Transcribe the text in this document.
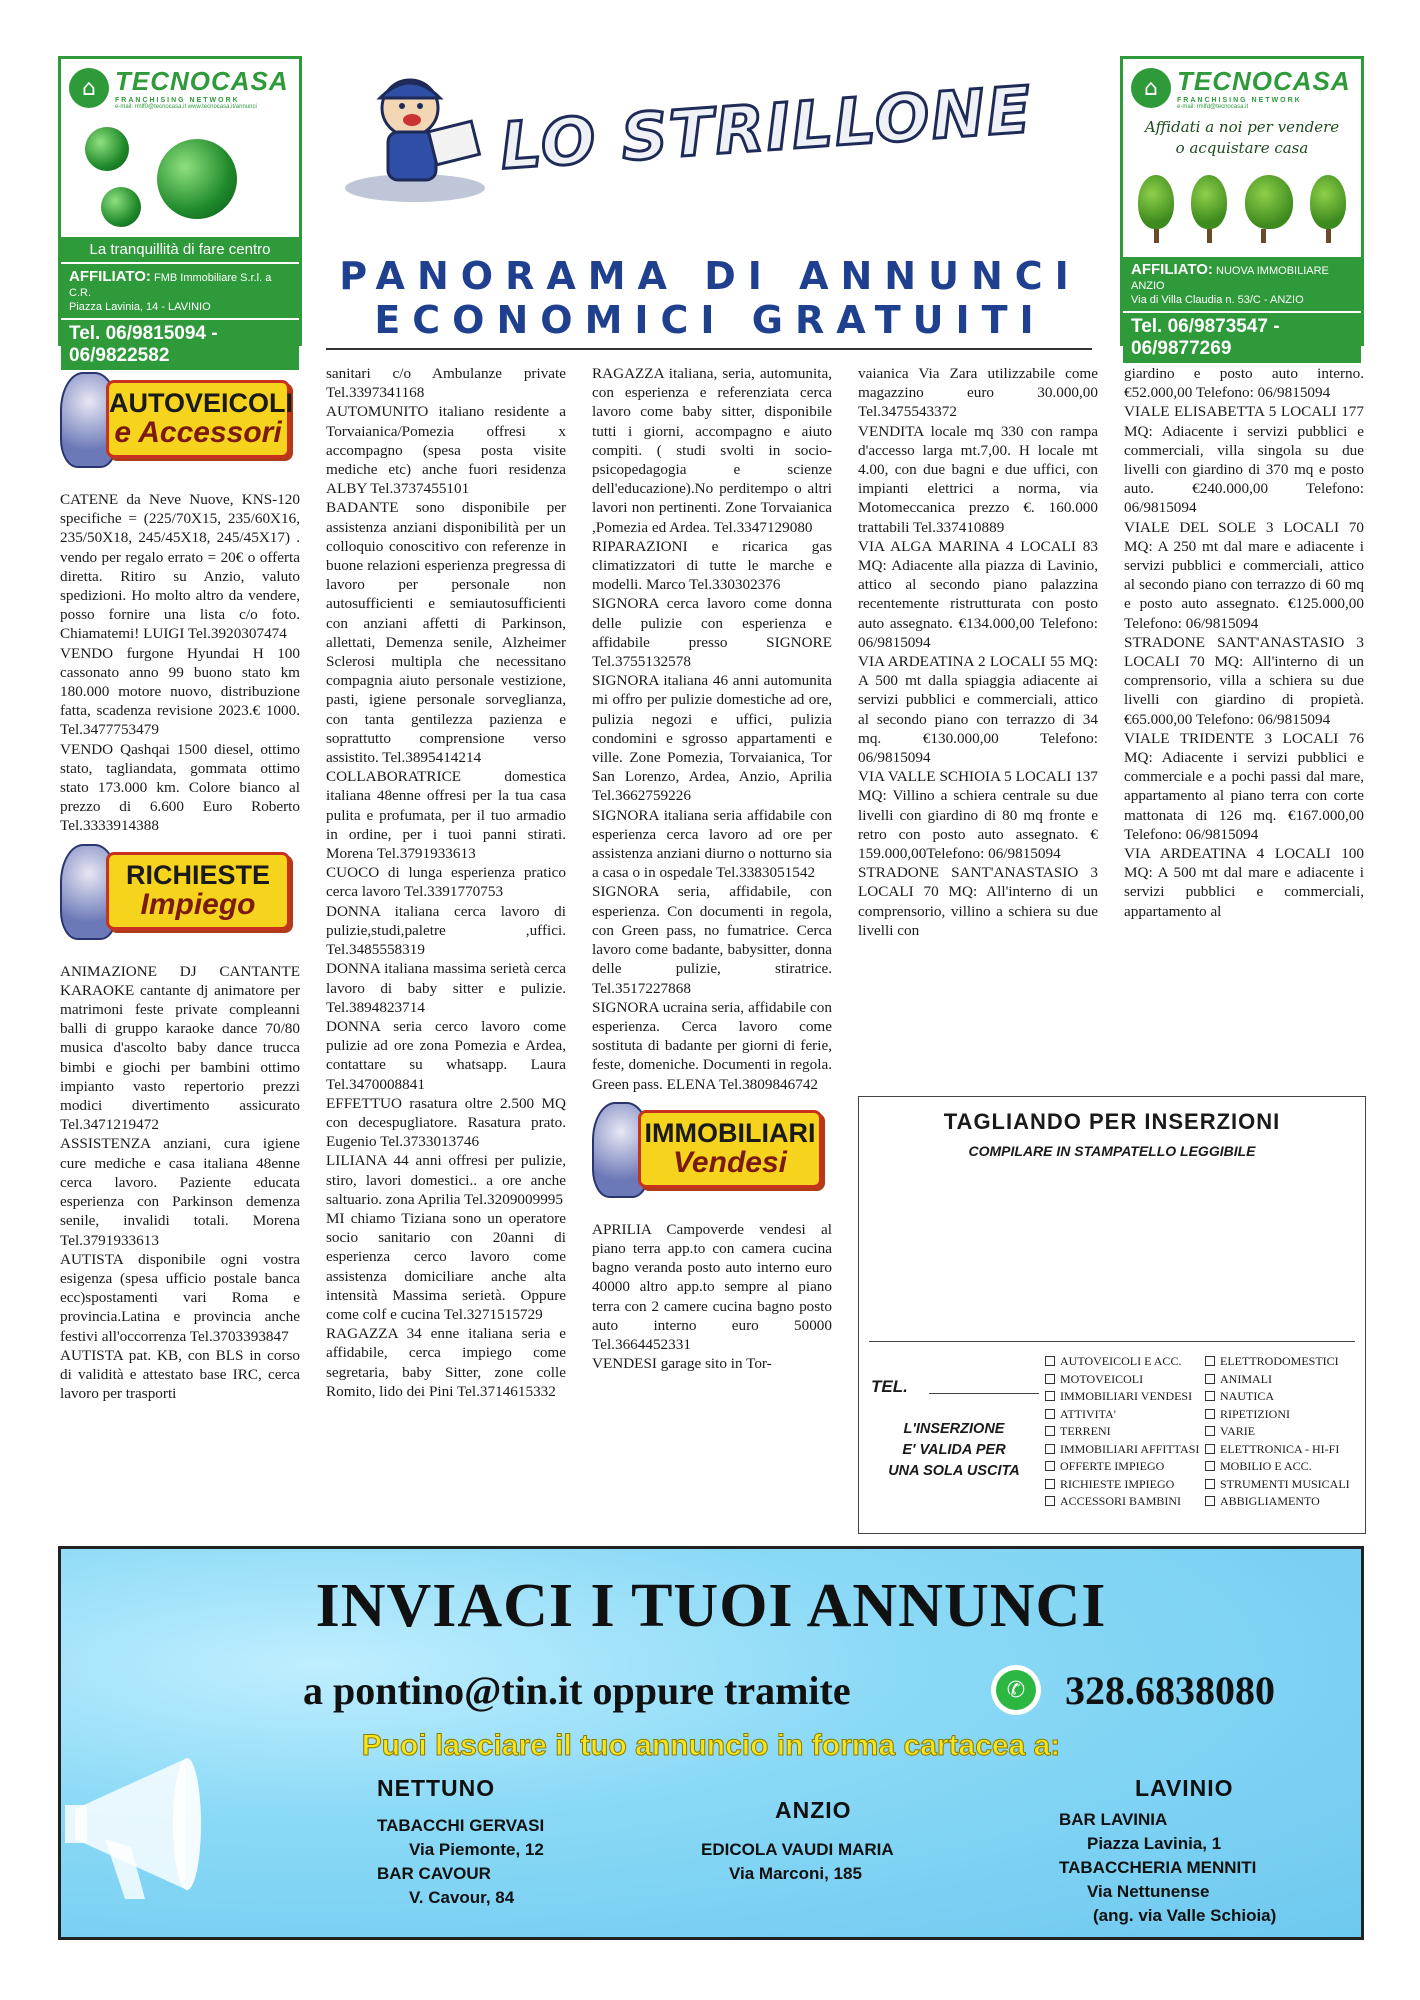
⌂ TECNOCASA
FRANCHISING NETWORK
e-mail: rmlf0@tecnocasa.it www.tecnocasa.it/annunci
La tranquillità di fare centro
AFFILIATO: FMB Immobiliare S.r.l. a C.R.
Piazza Lavinia, 14 - LAVINIO
Tel. 06/9815094 - 06/9822582
LO STRILLONE
PANORAMA DI ANNUNCI
ECONOMICI GRATUITI
⌂ TECNOCASA
FRANCHISING NETWORK
e-mail: rmlfd@tecnocasa.it
Affidati a noi per vendere
o acquistare casa
AFFILIATO: NUOVA IMMOBILIARE ANZIO
Via di Villa Claudia n. 53/C - ANZIO
Tel. 06/9873547 - 06/9877269
AUTOVEICOLI
e Accessori

CATENE da Neve Nuove, KNS-120 specifiche = (225/70X15, 235/60X16, 235/50X18, 245/45X18, 245/45X17) . vendo per regalo errato = 20€ o offerta diretta. Ritiro su Anzio, valuto spedizioni. Ho molto altro da vendere, posso fornire una lista c/o foto. Chiamatemi! LUIGI Tel.3920307474

VENDO furgone Hyundai H 100 cassonato anno 99 buono stato km 180.000 motore nuovo, distribuzione fatta, scadenza revisione 2023.€ 1000. Tel.3477753479

VENDO Qashqai 1500 diesel, ottimo stato, tagliandata, gommata ottimo stato 173.000 km. Colore bianco al prezzo di 6.600 Euro Roberto Tel.3333914388

RICHIESTE
Impiego

ANIMAZIONE DJ CANTANTE KARAOKE cantante dj animatore per matrimoni feste private compleanni balli di gruppo karaoke dance 70/80 musica d'ascolto baby dance trucca bimbi e giochi per bambini ottimo impianto vasto repertorio prezzi modici divertimento assicurato Tel.3471219472

ASSISTENZA anziani, cura igiene cure mediche e casa italiana 48enne cerca lavoro. Paziente educata esperienza con Parkinson demenza senile, invalidi totali. Morena Tel.3791933613

AUTISTA disponibile ogni vostra esigenza (spesa ufficio postale banca ecc)spostamenti vari Roma e provincia.Latina e provincia anche festivi all'occorrenza Tel.3703393847

AUTISTA pat. KB, con BLS in corso di validità e attestato base IRC, cerca lavoro per trasporti

sanitari c/o Ambulanze private Tel.3397341168

AUTOMUNITO italiano residente a Torvaianica/Pomezia offresi x accompagno (spesa posta visite mediche etc) anche fuori residenza ALBY Tel.3737455101

BADANTE sono disponibile per assistenza anziani disponibilità per un colloquio conoscitivo con referenze in buone relazioni esperienza pregressa di lavoro per personale non autosufficienti e semiautosufficienti con anziani affetti di Parkinson, allettati, Demenza senile, Alzheimer Sclerosi multipla che necessitano compagnia aiuto personale vestizione, pasti, igiene personale sorveglianza, con tanta gentilezza pazienza e soprattutto comprensione verso assistito. Tel.3895414214

COLLABORATRICE domestica italiana 48enne offresi per la tua casa pulita e profumata, per il tuo armadio in ordine, per i tuoi panni stirati. Morena Tel.3791933613

CUOCO di lunga esperienza pratico cerca lavoro Tel.3391770753

DONNA italiana cerca lavoro di pulizie,studi,paletre ,uffici. Tel.3485558319

DONNA italiana massima serietà cerca lavoro di baby sitter e pulizie. Tel.3894823714

DONNA seria cerco lavoro come pulizie ad ore zona Pomezia e Ardea, contattare su whatsapp. Laura Tel.3470008841

EFFETTUO rasatura oltre 2.500 MQ con decespugliatore. Rasatura prato. Eugenio Tel.3733013746

LILIANA 44 anni offresi per pulizie, stiro, lavori domestici.. a ore anche saltuario. zona Aprilia Tel.3209009995

MI chiamo Tiziana sono un operatore socio sanitario con 20anni di esperienza cerco lavoro come assistenza domiciliare anche alta intensità Massima serietà. Oppure come colf e cucina Tel.3271515729

RAGAZZA 34 enne italiana seria e affidabile, cerca impiego come segretaria, baby Sitter, zone colle Romito, lido dei Pini Tel.3714615332

RAGAZZA italiana, seria, automunita, con esperienza e referenziata cerca lavoro come baby sitter, disponibile tutti i giorni, accompagno e aiuto compiti. ( studi svolti in socio-psicopedagogia e scienze dell'educazione).No perditempo o altri lavori non pertinenti. Zone Torvaianica ,Pomezia ed Ardea. Tel.3347129080

RIPARAZIONI e ricarica gas climatizzatori di tutte le marche e modelli. Marco Tel.330302376

SIGNORA cerca lavoro come donna delle pulizie con esperienza e affidabile presso SIGNORE Tel.3755132578

SIGNORA italiana 46 anni automunita mi offro per pulizie domestiche ad ore, pulizia negozi e uffici, pulizia condomini e sgrosso appartamenti e ville. Zone Pomezia, Torvaianica, Tor San Lorenzo, Ardea, Anzio, Aprilia Tel.3662759226

SIGNORA italiana seria affidabile con esperienza cerca lavoro ad ore per assistenza anziani diurno o notturno sia a casa o in ospedale Tel.3383051542

SIGNORA seria, affidabile, con esperienza. Con documenti in regola, con Green pass, no fumatrice. Cerca lavoro come badante, babysitter, donna delle pulizie, stiratrice. Tel.3517227868

SIGNORA ucraina seria, affidabile con esperienza. Cerca lavoro come sostituta di badante per giorni di ferie, feste, domeniche. Documenti in regola. Green pass. ELENA Tel.3809846742

IMMOBILIARI
Vendesi

APRILIA Campoverde vendesi al piano terra app.to con camera cucina bagno veranda posto auto interno euro 40000 altro app.to sempre al piano terra con 2 camere cucina bagno posto auto interno euro 50000 Tel.3664452331

VENDESI garage sito in Tor-

vaianica Via Zara utilizzabile come magazzino euro 30.000,00 Tel.3475543372

VENDITA locale mq 330 con rampa d'accesso larga mt.7,00. H locale mt 4.00, con due bagni e due uffici, con impianti elettrici a norma, via Motomeccanica prezzo €. 160.000 trattabili Tel.337410889

VIA ALGA MARINA 4 LOCALI 83 MQ: Adiacente alla piazza di Lavinio, attico al secondo piano palazzina recentemente ristrutturata con posto auto assegnato. €134.000,00 Telefono: 06/9815094

VIA ARDEATINA 2 LOCALI 55 MQ: A 500 mt dalla spiaggia adiacente ai servizi pubblici e commerciali, attico al secondo piano con terrazzo di 34 mq. €130.000,00 Telefono: 06/9815094

VIA VALLE SCHIOIA 5 LOCALI 137 MQ: Villino a schiera centrale su due livelli con giardino di 80 mq fronte e retro con posto auto assegnato. € 159.000,00Telefono: 06/9815094

STRADONE SANT'ANASTASIO 3 LOCALI 70 MQ: All'interno di un comprensorio, villino a schiera su due livelli con

giardino e posto auto interno. €52.000,00 Telefono: 06/9815094

VIALE ELISABETTA 5 LOCALI 177 MQ: Adiacente i servizi pubblici e commerciali, villa singola su due livelli con giardino di 370 mq e posto auto. €240.000,00 Telefono: 06/9815094

VIALE DEL SOLE 3 LOCALI 70 MQ: A 250 mt dal mare e adiacente i servizi pubblici e commerciali, attico al secondo piano con terrazzo di 60 mq e posto auto assegnato. €125.000,00 Telefono: 06/9815094

STRADONE SANT'ANASTASIO 3 LOCALI 70 MQ: All'interno di un comprensorio, villa a schiera su due livelli con giardino di propietà. €65.000,00 Telefono: 06/9815094

VIALE TRIDENTE 3 LOCALI 76 MQ: Adiacente i servizi pubblici e commerciale e a pochi passi dal mare, appartamento al piano terra con corte mattonata di 126 mq. €167.000,00 Telefono: 06/9815094

VIA ARDEATINA 4 LOCALI 100 MQ: A 500 mt dal mare e adiacente i servizi pubblici e commerciali, appartamento al

TAGLIANDO PER INSERZIONI
COMPILARE IN STAMPATELLO LEGGIBILE
TEL.
L'INSERZIONE
E' VALIDA PER
UNA SOLA USCITA
AUTOVEICOLI E ACC.
MOTOVEICOLI
IMMOBILIARI VENDESI
ATTIVITA'
TERRENI
IMMOBILIARI AFFITTASI
OFFERTE IMPIEGO
RICHIESTE IMPIEGO
ACCESSORI BAMBINI
ELETTRODOMESTICI
ANIMALI
NAUTICA
RIPETIZIONI
VARIE
ELETTRONICA - HI-FI
MOBILIO E ACC.
STRUMENTI MUSICALI
ABBIGLIAMENTO
INVIACI I TUOI ANNUNCI
a pontino@tin.it oppure tramite	✆ 328.6838080
Puoi lasciare il tuo annuncio in forma cartacea a:
NETTUNO
TABACCHI GERVASI
Via Piemonte, 12
BAR CAVOUR
V. Cavour, 84
ANZIO
EDICOLA VAUDI MARIA
Via Marconi, 185
LAVINIO
BAR LAVINIA
Piazza Lavinia, 1
TABACCHERIA MENNITI
Via Nettunense
(ang. via Valle Schioia)
